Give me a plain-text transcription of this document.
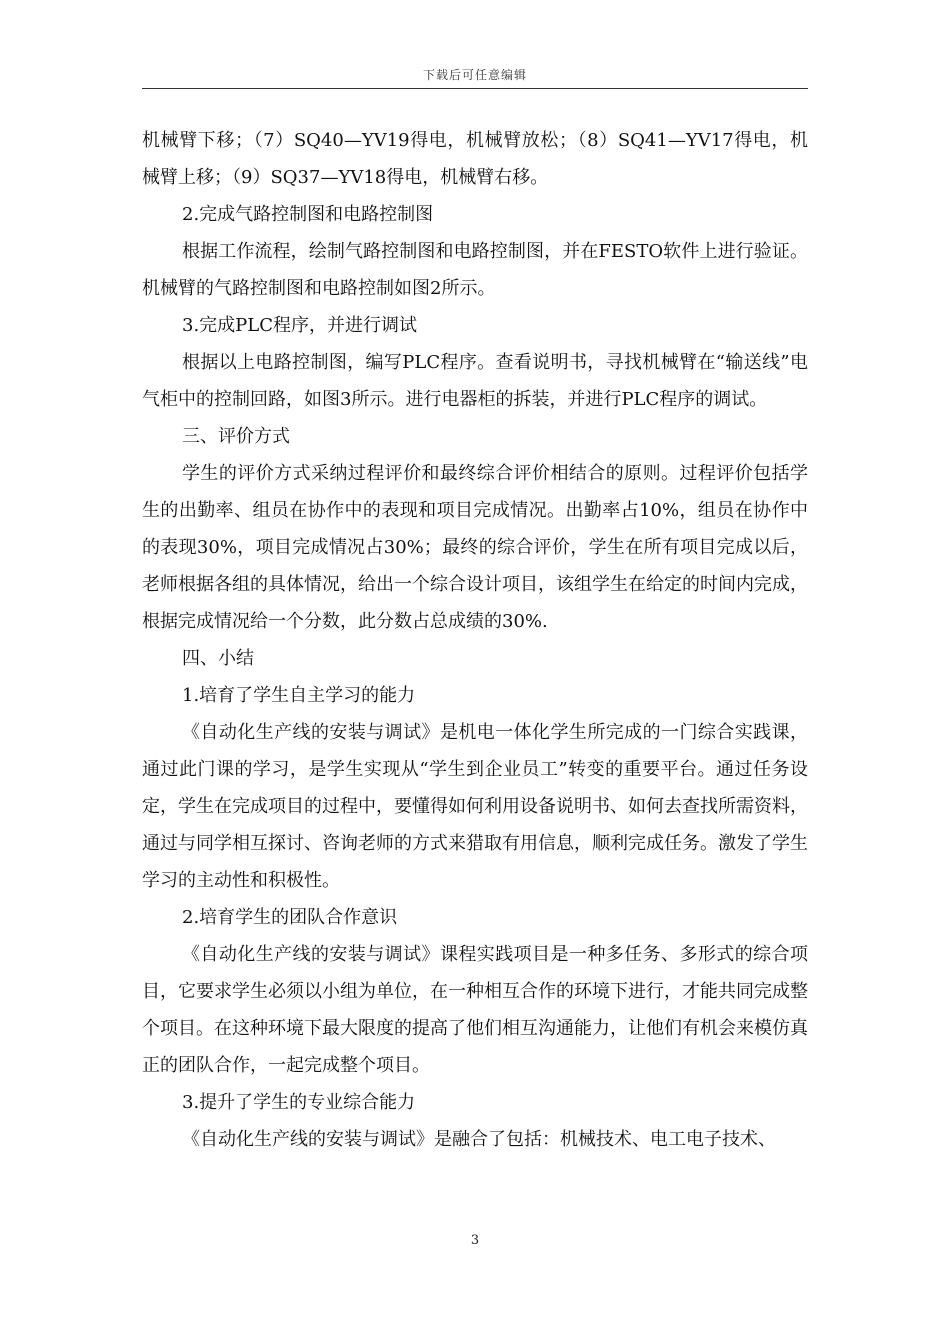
下载后可任意编辑

机械臂下移；（7）SQ40—YV19得电，机械臂放松；（8）SQ41—YV17得电，机械臂上移；（9）SQ37—YV18得电，机械臂右移。

2.完成气路控制图和电路控制图

根据工作流程，绘制气路控制图和电路控制图，并在FESTO软件上进行验证。机械臂的气路控制图和电路控制如图2所示。

3.完成PLC程序，并进行调试

根据以上电路控制图，编写PLC程序。查看说明书，寻找机械臂在“输送线”电气柜中的控制回路，如图3所示。进行电器柜的拆装，并进行PLC程序的调试。

三、评价方式

学生的评价方式采纳过程评价和最终综合评价相结合的原则。过程评价包括学生的出勤率、组员在协作中的表现和项目完成情况。出勤率占10%，组员在协作中的表现30%，项目完成情况占30%；最终的综合评价，学生在所有项目完成以后，老师根据各组的具体情况，给出一个综合设计项目，该组学生在给定的时间内完成，根据完成情况给一个分数，此分数占总成绩的30%.

四、小结

1.培育了学生自主学习的能力

《自动化生产线的安装与调试》是机电一体化学生所完成的一门综合实践课，通过此门课的学习，是学生实现从“学生到企业员工”转变的重要平台。通过任务设定，学生在完成项目的过程中，要懂得如何利用设备说明书、如何去查找所需资料，通过与同学相互探讨、咨询老师的方式来猎取有用信息，顺利完成任务。激发了学生学习的主动性和积极性。

2.培育学生的团队合作意识

《自动化生产线的安装与调试》课程实践项目是一种多任务、多形式的综合项目，它要求学生必须以小组为单位，在一种相互合作的环境下进行，才能共同完成整个项目。在这种环境下最大限度的提高了他们相互沟通能力，让他们有机会来模仿真正的团队合作，一起完成整个项目。

3.提升了学生的专业综合能力

《自动化生产线的安装与调试》是融合了包括：机械技术、电工电子技术、

3
